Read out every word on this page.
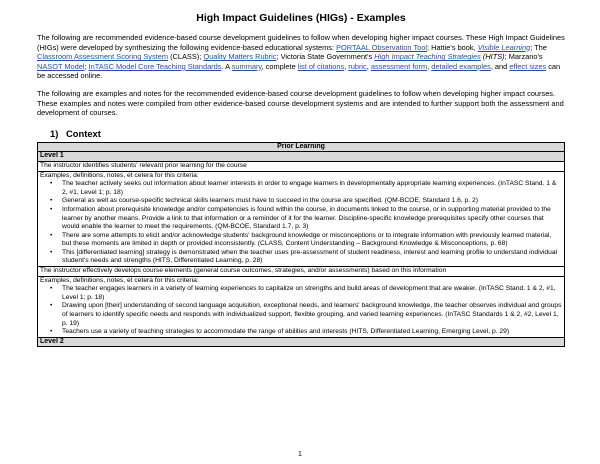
High Impact Guidelines (HIGs) - Examples

The following are recommended evidence-based course development guidelines to follow when developing higher impact courses. These High Impact Guidelines (HIGs) were developed by synthesizing the following evidence-based educational systems: PORTAAL Observation Tool; Hattie's book, Visible Learning; The Classroom Assessment Scoring System (CLASS); Quality Matters Rubric; Victoria State Government's High Impact Teaching Strategies (HITS); Marzano's NASOT Model; InTASC Model Core Teaching Standards. A summary, complete list of citations, rubric, assessment form, detailed examples, and effect sizes can be accessed online.

The following are examples and notes for the recommended evidence-based course development guidelines to follow when developing higher impact courses. These examples and notes were compiled from other evidence-based course development systems and are intended to further support both the assessment and development of courses.

1) Context
Prior Learning
Level 1
The instructor identifies students' relevant prior learning for the course

Examples, definitions, notes, et cetera for this criteria:
• The teacher actively seeks out information about learner interests in order to engage learners in developmentally appropriate learning experiences. (InTASC Stand. 1 & 2, #1, Level 1; p. 18)
• General as well as course-specific technical skills learners must have to succeed in the course are specified. (QM-BCOE, Standard 1.6, p. 2)
• Information about prerequisite knowledge and/or competencies is found within the course, in documents linked to the course, or in supporting material provided to the learner by another means. Provide a link to that information or a reminder of it for the learner. Discipline-specific knowledge prerequisites specify other courses that would enable the learner to meet the requirements. (QM-BCOE, Standard 1.7, p. 3)
• There are some attempts to elicit and/or acknowledge students' background knowledge or misconceptions or to integrate information with previously learned material, but these moments are limited in depth or provided inconsistently. (CLASS, Content Understanding – Background Knowledge & Misconceptions, p. 68)
• This [differentiated learning] strategy is demonstrated when the teacher uses pre-assessment of student readiness, interest and learning profile to understand individual student's needs and strengths (HITS, Differentiated Learning, p. 28)

The instructor effectively develops course elements (general course outcomes, strategies, and/or assessments) based on this information

Examples, definitions, notes, et cetera for this criteria:
• The teacher engages learners in a variety of learning experiences to capitalize on strengths and build areas of development that are weaker. (InTASC Stand. 1 & 2, #1, Level 1; p. 18)
• Drawing upon [their] understanding of second language acquisition, exceptional needs, and learners' background knowledge, the teacher observes individual and groups of learners to identify specific needs and responds with individualized support, flexible grouping, and varied learning experiences. (InTASC Standards 1 & 2, #2, Level 1, p. 19)
• Teachers use a variety of teaching strategies to accommodate the range of abilities and interests (HITS, Differentiated Learning, Emerging Level, p. 29)

Level 2
1
